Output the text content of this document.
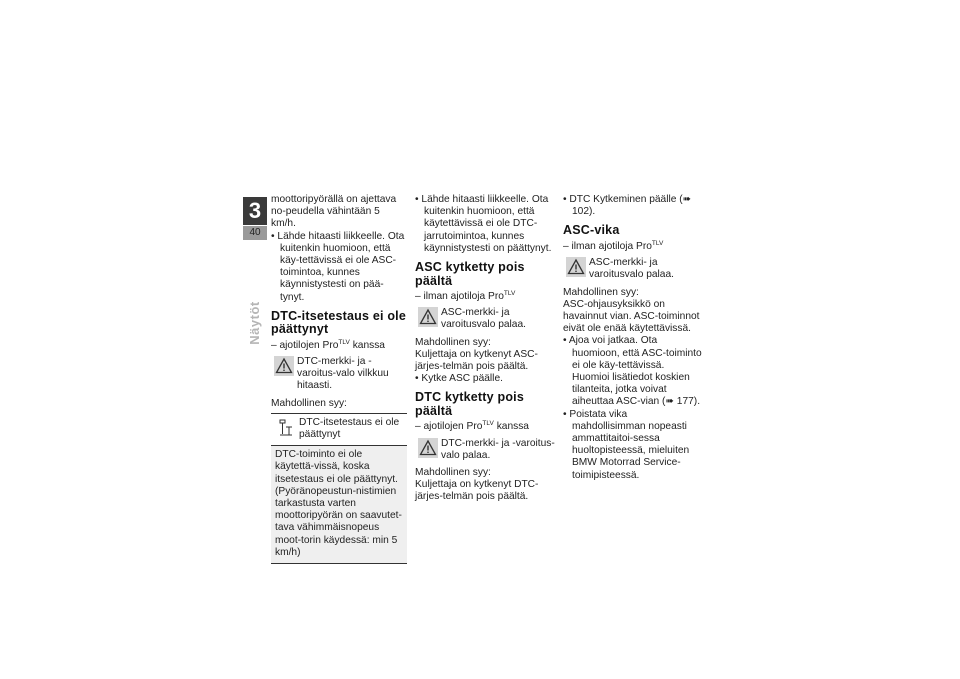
3
40
Näytöt

moottoripyörällä on ajettava no-peudella vähintään 5 km/h.

• Lähde hitaasti liikkeelle. Ota kuitenkin huomioon, että käy-tettävissä ei ole ASC-toimintoa, kunnes käynnistystesti on pää-tynyt.

DTC-itsetestaus ei ole päättynyt

– ajotilojen Pro$^{TLV}$ kanssa

DTC-merkki- ja -varoitus-valo vilkkuu hitaasti.

Mahdollinen syy:

DTC-itsetestaus ei ole päättynyt

DTC-toiminto ei ole käytettä-vissä, koska itsetestaus ei ole päättynyt. (Pyöränopeustun-nistimien tarkastusta varten moottoripyörän on saavutet-tava vähimmäisnopeus moot-torin käydessä: min 5 km/h)

• Lähde hitaasti liikkeelle. Ota kuitenkin huomioon, että käytettävissä ei ole DTC-jarrutoimintoa, kunnes käynnistystesti on päättynyt.

ASC kytketty pois päältä

– ilman ajotiloja Pro$^{TLV}$

ASC-merkki- ja varoitusvalo palaa.

Mahdollinen syy:

Kuljettaja on kytkenyt ASC-järjes-telmän pois päältä.

• Kytke ASC päälle.

DTC kytketty pois päältä

– ajotilojen Pro$^{TLV}$ kanssa

DTC-merkki- ja -varoitus-valo palaa.

Mahdollinen syy:

Kuljettaja on kytkenyt DTC-järjes-telmän pois päältä.

• DTC Kytkeminen päälle (➠ 102).

ASC-vika

– ilman ajotiloja Pro$^{TLV}$

ASC-merkki- ja varoitusvalo palaa.

Mahdollinen syy:

ASC-ohjausyksikkö on havainnut vian. ASC-toiminnot eivät ole enää käytettävissä.

• Ajoa voi jatkaa. Ota huomioon, että ASC-toiminto ei ole käy-tettävissä. Huomioi lisätiedot koskien tilanteita, jotka voivat aiheuttaa ASC-vian (➠ 177).

• Poistata vika mahdollisimman nopeasti ammattitaitoi-sessa huoltopisteessä, mieluiten BMW Motorrad Service-toimipisteessä.
